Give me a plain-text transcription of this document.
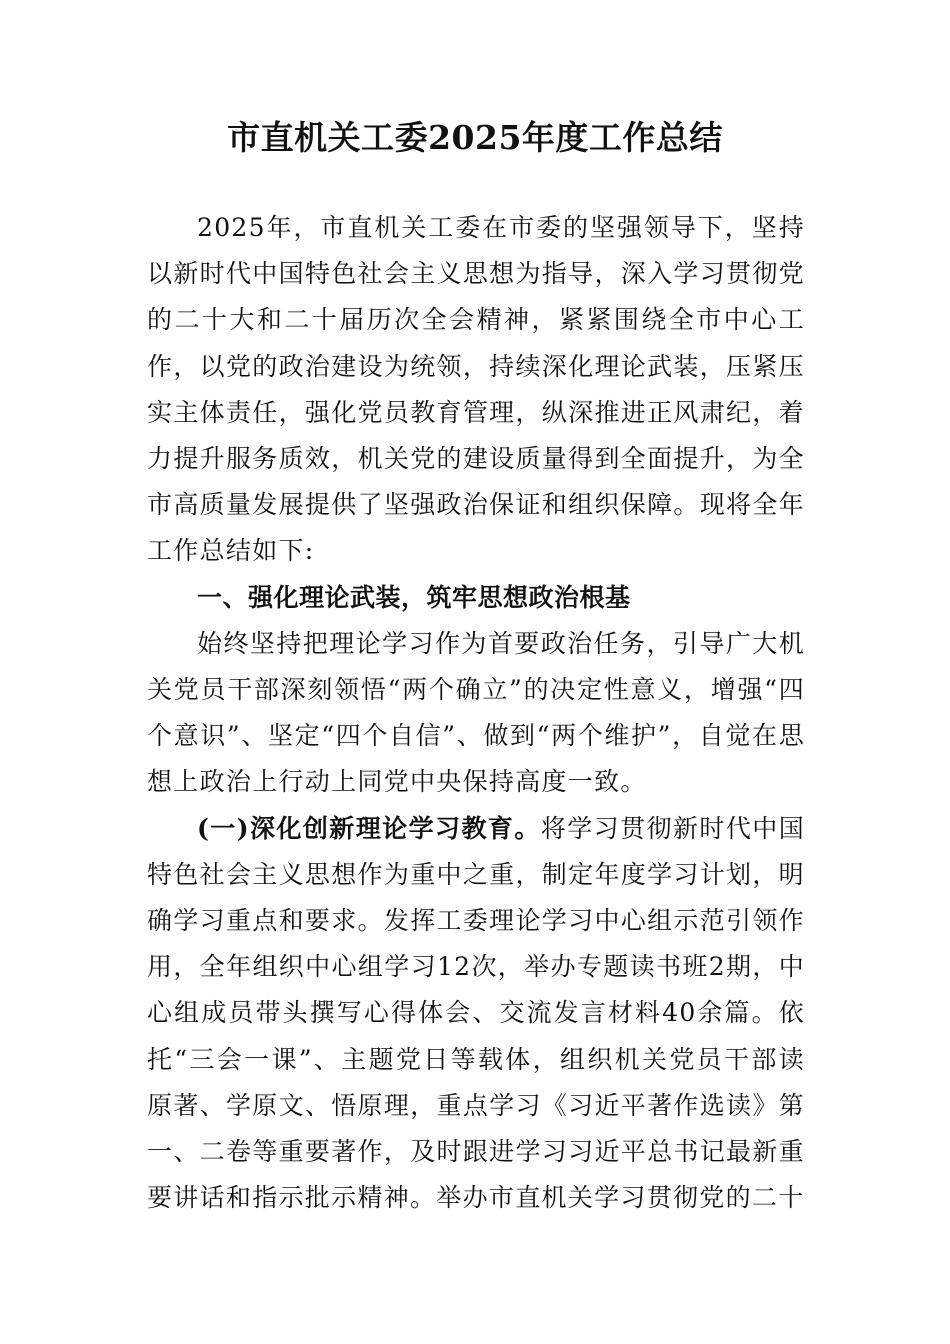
市直机关工委2025年度工作总结

2025年，市直机关工委在市委的坚强领导下，坚持以新时代中国特色社会主义思想为指导，深入学习贯彻党的二十大和二十届历次全会精神，紧紧围绕全市中心工作，以党的政治建设为统领，持续深化理论武装，压紧压实主体责任，强化党员教育管理，纵深推进正风肃纪，着力提升服务质效，机关党的建设质量得到全面提升，为全市高质量发展提供了坚强政治保证和组织保障。现将全年工作总结如下:

一、强化理论武装，筑牢思想政治根基

始终坚持把理论学习作为首要政治任务，引导广大机关党员干部深刻领悟“两个确立”的决定性意义，增强“四个意识”、坚定“四个自信”、做到“两个维护”，自觉在思想上政治上行动上同党中央保持高度一致。

(一)深化创新理论学习教育。将学习贯彻新时代中国特色社会主义思想作为重中之重，制定年度学习计划，明确学习重点和要求。发挥工委理论学习中心组示范引领作用，全年组织中心组学习12次，举办专题读书班2期，中心组成员带头撰写心得体会、交流发言材料40余篇。依托“三会一课”、主题党日等载体，组织机关党员干部读原著、学原文、悟原理，重点学习《习近平著作选读》第一、二卷等重要著作，及时跟进学习习近平总书记最新重要讲话和指示批示精神。举办市直机关学习贯彻党的二十
